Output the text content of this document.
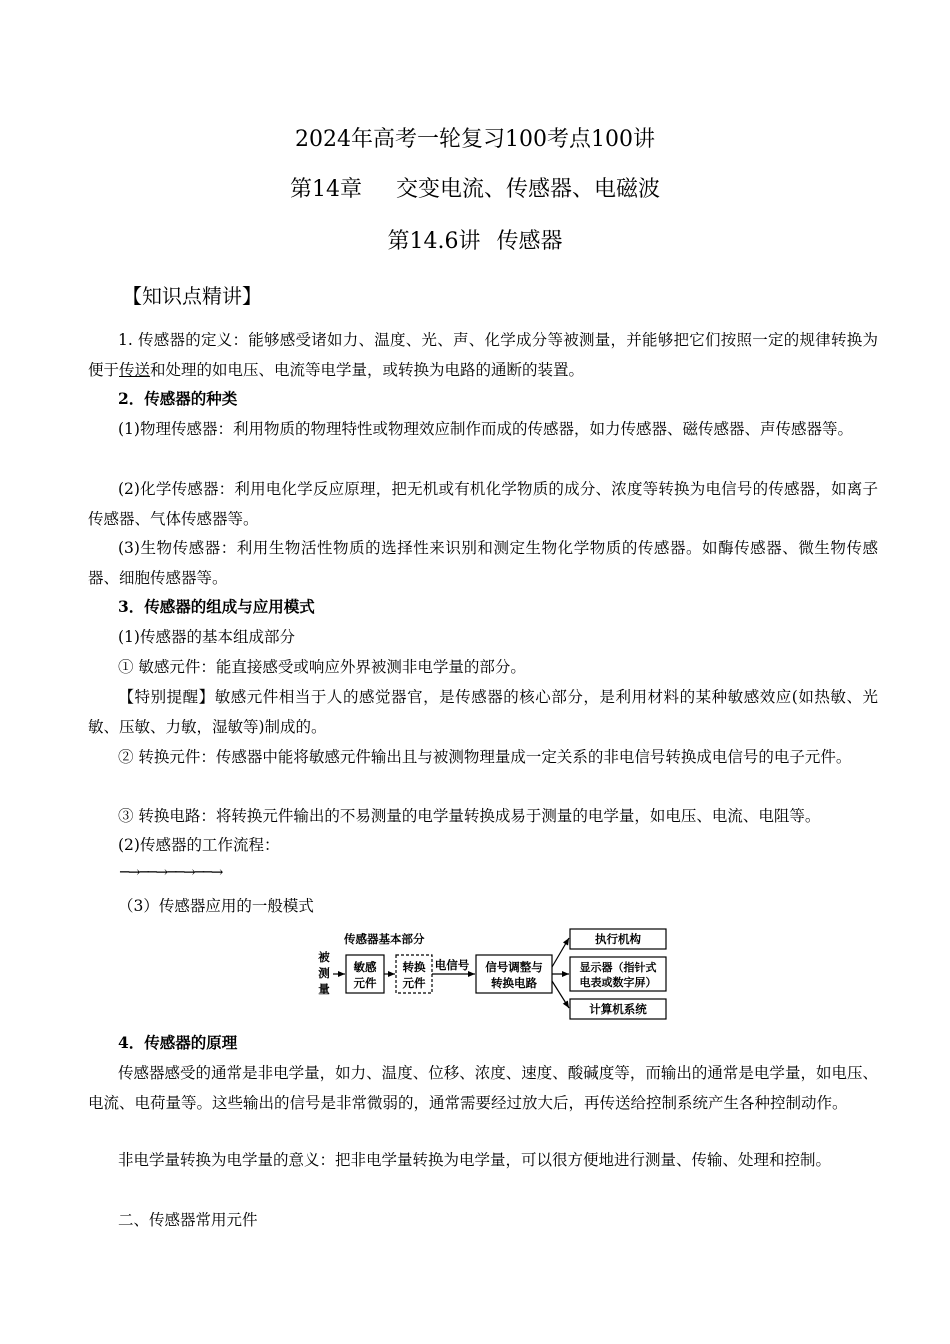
2024年高考一轮复习100考点100讲
第14章 交变电流、传感器、电磁波
第14.6讲 传感器
【知识点精讲】
1. 传感器的定义：能够感受诸如力、温度、光、声、化学成分等被测量，并能够把它们按照一定的规律转换为便于传送和处理的如电压、电流等电学量，或转换为电路的通断的装置。
2．传感器的种类
(1)物理传感器：利用物质的物理特性或物理效应制作而成的传感器，如力传感器、磁传感器、声传感器等。
(2)化学传感器：利用电化学反应原理，把无机或有机化学物质的成分、浓度等转换为电信号的传感器，如离子传感器、气体传感器等。
(3)生物传感器：利用生物活性物质的选择性来识别和测定生物化学物质的传感器。如酶传感器、微生物传感器、细胞传感器等。
3．传感器的组成与应用模式
(1)传感器的基本组成部分
① 敏感元件：能直接感受或响应外界被测非电学量的部分。
【特别提醒】敏感元件相当于人的感觉器官，是传感器的核心部分，是利用材料的某种敏感效应(如热敏、光敏、压敏、力敏，湿敏等)制成的。
② 转换元件：传感器中能将敏感元件输出且与被测物理量成一定关系的非电信号转换成电信号的电子元件。
③ 转换电路：将转换元件输出的不易测量的电学量转换成易于测量的电学量，如电压、电流、电阻等。
(2)传感器的工作流程：
─→──→──→──→
（3）传感器应用的一般模式
被
测
量
传感器基本部分
敏感
元件
转换
元件
电信号 信号调整与
转换电路
执行机构
显示器（指针式
电表或数字屏）
计算机系统
4．传感器的原理
传感器感受的通常是非电学量，如力、温度、位移、浓度、速度、酸碱度等，而输出的通常是电学量，如电压、电流、电荷量等。这些输出的信号是非常微弱的，通常需要经过放大后，再传送给控制系统产生各种控制动作。
非电学量转换为电学量的意义：把非电学量转换为电学量，可以很方便地进行测量、传输、处理和控制。
二、传感器常用元件
